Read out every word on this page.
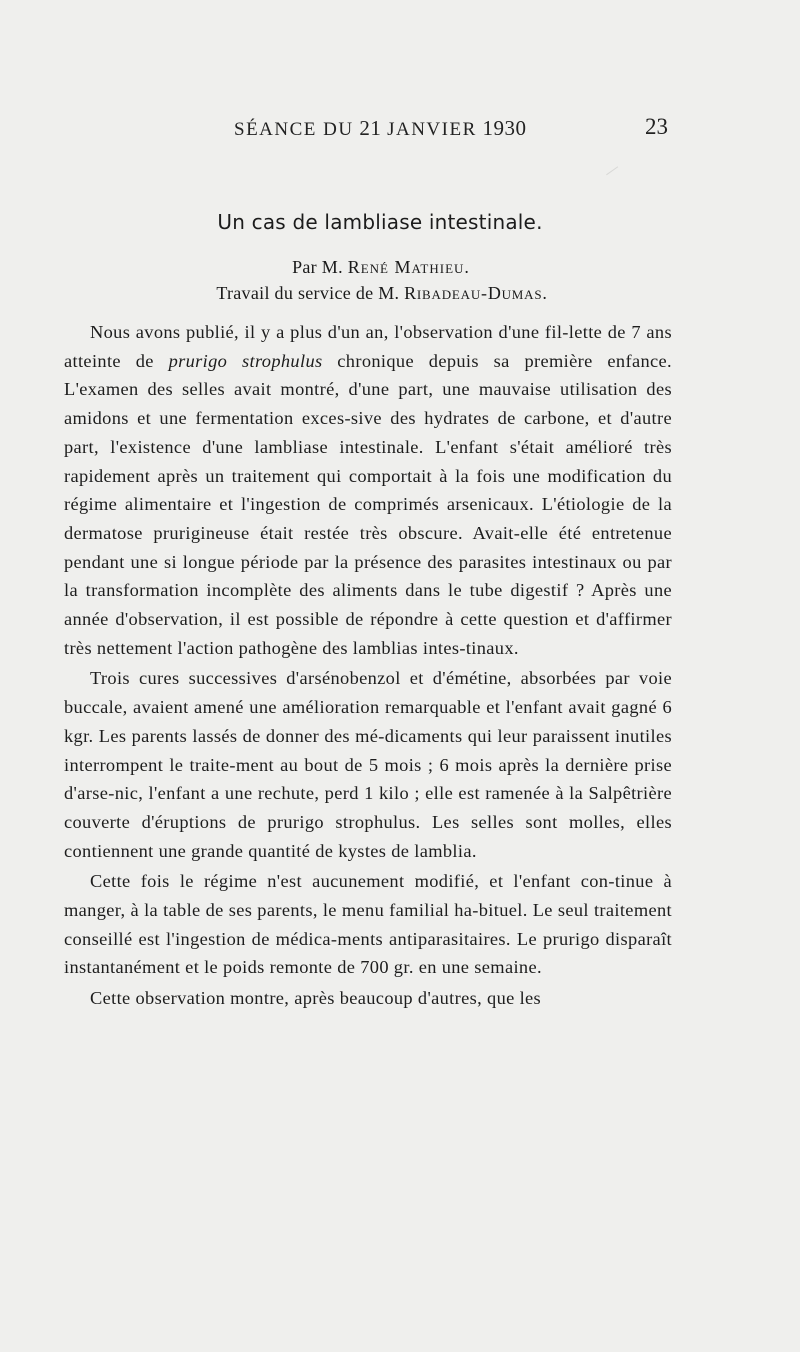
SÉANCE DU 21 JANVIER 1930	23
Un cas de lambliase intestinale.
Par M. René Mathieu.
Travail du service de M. Ribadeau-Dumas.

Nous avons publié, il y a plus d'un an, l'observation d'une fil-lette de 7 ans atteinte de prurigo strophulus chronique depuis sa première enfance. L'examen des selles avait montré, d'une part, une mauvaise utilisation des amidons et une fermentation exces-sive des hydrates de carbone, et d'autre part, l'existence d'une lambliase intestinale. L'enfant s'était amélioré très rapidement après un traitement qui comportait à la fois une modification du régime alimentaire et l'ingestion de comprimés arsenicaux. L'étiologie de la dermatose prurigineuse était restée très obscure. Avait-elle été entretenue pendant une si longue période par la présence des parasites intestinaux ou par la transformation incomplète des aliments dans le tube digestif ? Après une année d'observation, il est possible de répondre à cette question et d'affirmer très nettement l'action pathogène des lamblias intes-tinaux.

Trois cures successives d'arsénobenzol et d'émétine, absorbées par voie buccale, avaient amené une amélioration remarquable et l'enfant avait gagné 6 kgr. Les parents lassés de donner des mé-dicaments qui leur paraissent inutiles interrompent le traite-ment au bout de 5 mois ; 6 mois après la dernière prise d'arse-nic, l'enfant a une rechute, perd 1 kilo ; elle est ramenée à la Salpêtrière couverte d'éruptions de prurigo strophulus. Les selles sont molles, elles contiennent une grande quantité de kystes de lamblia.

Cette fois le régime n'est aucunement modifié, et l'enfant con-tinue à manger, à la table de ses parents, le menu familial ha-bituel. Le seul traitement conseillé est l'ingestion de médica-ments antiparasitaires. Le prurigo disparaît instantanément et le poids remonte de 700 gr. en une semaine.

Cette observation montre, après beaucoup d'autres, que les
